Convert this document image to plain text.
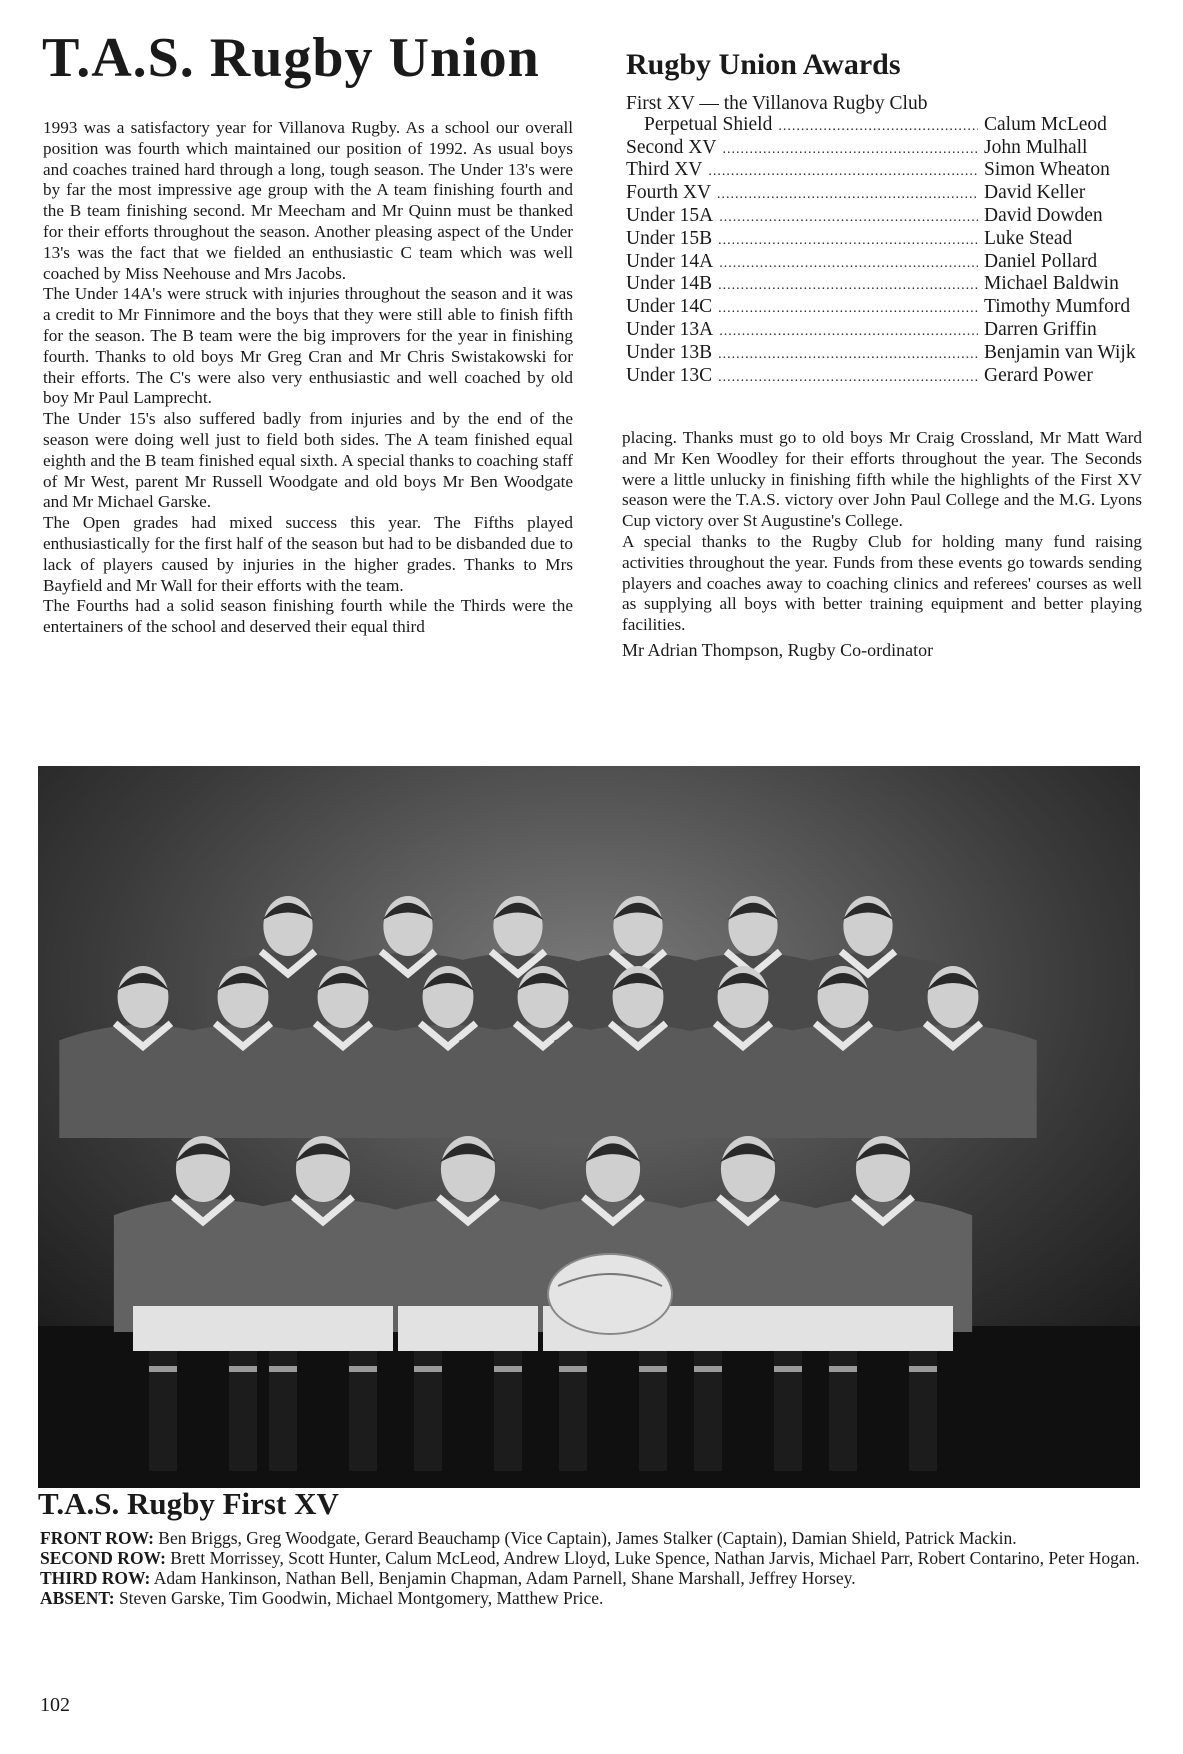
T.A.S. Rugby Union

1993 was a satisfactory year for Villanova Rugby. As a school our overall position was fourth which maintained our position of 1992. As usual boys and coaches trained hard through a long, tough season. The Under 13's were by far the most impressive age group with the A team finishing fourth and the B team finishing second. Mr Meecham and Mr Quinn must be thanked for their efforts throughout the season. Another pleasing aspect of the Under 13's was the fact that we fielded an enthusiastic C team which was well coached by Miss Neehouse and Mrs Jacobs.

The Under 14A's were struck with injuries throughout the season and it was a credit to Mr Finnimore and the boys that they were still able to finish fifth for the season. The B team were the big improvers for the year in finishing fourth. Thanks to old boys Mr Greg Cran and Mr Chris Swistakowski for their efforts. The C's were also very enthusiastic and well coached by old boy Mr Paul Lamprecht.

The Under 15's also suffered badly from injuries and by the end of the season were doing well just to field both sides. The A team finished equal eighth and the B team finished equal sixth. A special thanks to coaching staff of Mr West, parent Mr Russell Woodgate and old boys Mr Ben Woodgate and Mr Michael Garske.

The Open grades had mixed success this year. The Fifths played enthusiastically for the first half of the season but had to be disbanded due to lack of players caused by injuries in the higher grades. Thanks to Mrs Bayfield and Mr Wall for their efforts with the team.

The Fourths had a solid season finishing fourth while the Thirds were the entertainers of the school and deserved their equal third

Rugby Union Awards
First XV — the Villanova Rugby Club
Perpetual Shield .....	Calum McLeod
Second XV .....	John Mulhall
Third XV .....	Simon Wheaton
Fourth XV .....	David Keller
Under 15A .....	David Dowden
Under 15B .....	Luke Stead
Under 14A .....	Daniel Pollard
Under 14B .....	Michael Baldwin
Under 14C .....	Timothy Mumford
Under 13A .....	Darren Griffin
Under 13B .....	Benjamin van Wijk
Under 13C .....	Gerard Power

placing. Thanks must go to old boys Mr Craig Crossland, Mr Matt Ward and Mr Ken Woodley for their efforts throughout the year. The Seconds were a little unlucky in finishing fifth while the highlights of the First XV season were the T.A.S. victory over John Paul College and the M.G. Lyons Cup victory over St Augustine's College.

A special thanks to the Rugby Club for holding many fund raising activities throughout the year. Funds from these events go towards sending players and coaches away to coaching clinics and referees' courses as well as supplying all boys with better training equipment and better playing facilities.

Mr Adrian Thompson, Rugby Co-ordinator

T.A.S. Rugby First XV

FRONT ROW: Ben Briggs, Greg Woodgate, Gerard Beauchamp (Vice Captain), James Stalker (Captain), Damian Shield, Patrick Mackin.

SECOND ROW: Brett Morrissey, Scott Hunter, Calum McLeod, Andrew Lloyd, Luke Spence, Nathan Jarvis, Michael Parr, Robert Contarino, Peter Hogan.

THIRD ROW: Adam Hankinson, Nathan Bell, Benjamin Chapman, Adam Parnell, Shane Marshall, Jeffrey Horsey.

ABSENT: Steven Garske, Tim Goodwin, Michael Montgomery, Matthew Price.

102
